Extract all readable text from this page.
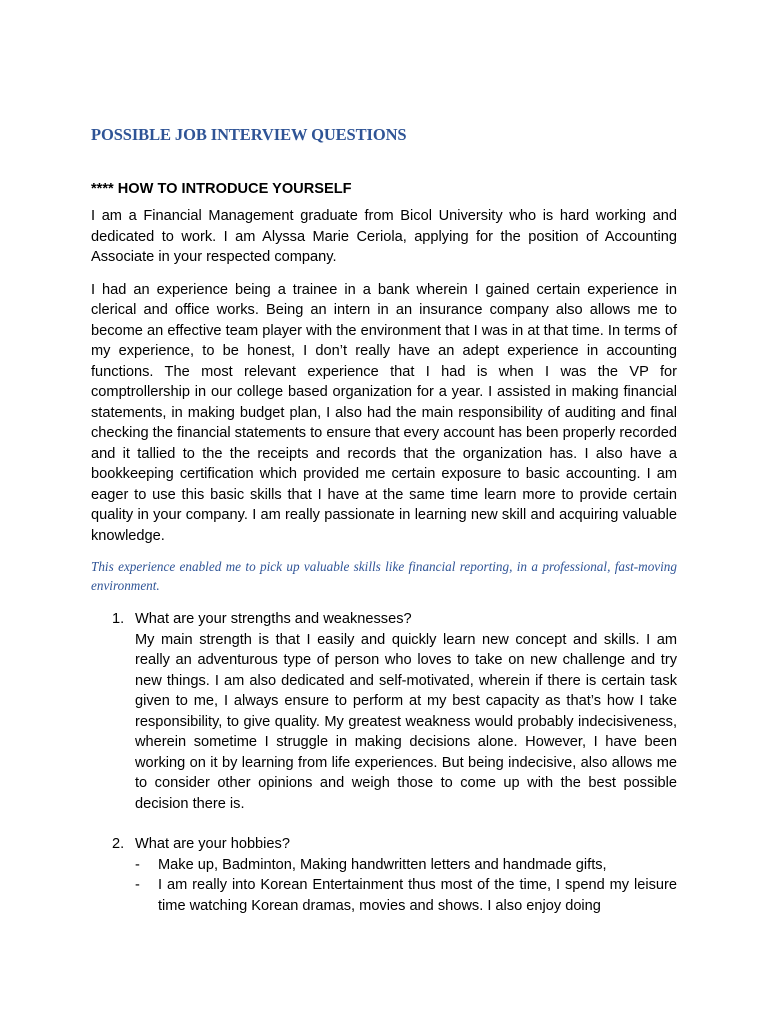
POSSIBLE JOB INTERVIEW QUESTIONS
**** HOW TO INTRODUCE YOURSELF

I am a Financial Management graduate from Bicol University who is hard working and dedicated to work. I am Alyssa Marie Ceriola, applying for the position of Accounting Associate in your respected company.

I had an experience being a trainee in a bank wherein I gained certain experience in clerical and office works. Being an intern in an insurance company also allows me to become an effective team player with the environment that I was in at that time. In terms of my experience, to be honest, I don’t really have an adept experience in accounting functions. The most relevant experience that I had is when I was the VP for comptrollership in our college based organization for a year. I assisted in making financial statements, in making budget plan, I also had the main responsibility of auditing and final checking the financial statements to ensure that every account has been properly recorded and it tallied to the the receipts and records that the organization has. I also have a bookkeeping certification which provided me certain exposure to basic accounting. I am eager to use this basic skills that I have at the same time learn more to provide certain quality in your company. I am really passionate in learning new skill and acquiring valuable knowledge.

This experience enabled me to pick up valuable skills like financial reporting, in a professional, fast-moving environment.

1. What are your strengths and weaknesses?

My main strength is that I easily and quickly learn new concept and skills. I am really an adventurous type of person who loves to take on new challenge and try new things. I am also dedicated and self-motivated, wherein if there is certain task given to me, I always ensure to perform at my best capacity as that’s how I take responsibility, to give quality. My greatest weakness would probably indecisiveness, wherein sometime I struggle in making decisions alone. However, I have been working on it by learning from life experiences. But being indecisive, also allows me to consider other opinions and weigh those to come up with the best possible decision there is.

2. What are your hobbies?
- Make up, Badminton, Making handwritten letters and handmade gifts,
- I am really into Korean Entertainment thus most of the time, I spend my leisure time watching Korean dramas, movies and shows. I also enjoy doing
